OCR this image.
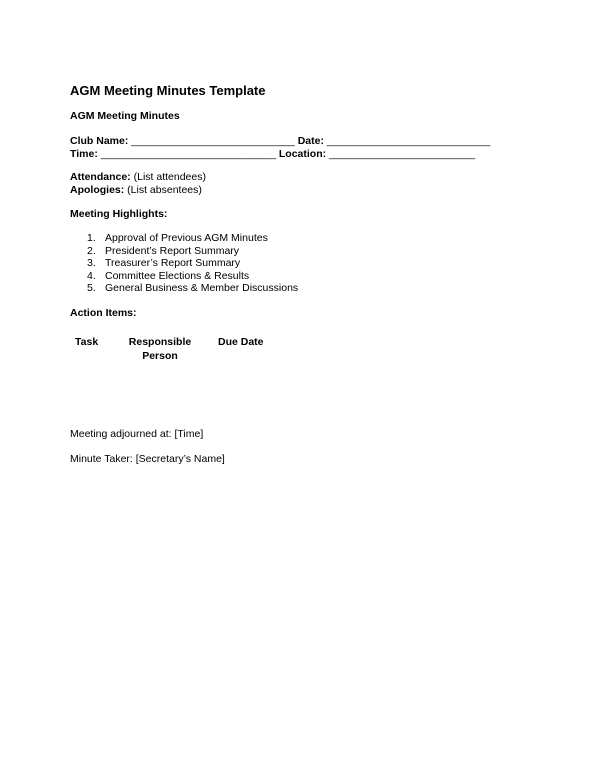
AGM Meeting Minutes Template
AGM Meeting Minutes
Club Name: ____________________________ Date: ____________________________
Time: ______________________________ Location: _________________________
Attendance: (List attendees)
Apologies: (List absentees)
Meeting Highlights:
1. Approval of Previous AGM Minutes
2. President’s Report Summary
3. Treasurer’s Report Summary
4. Committee Elections & Results
5. General Business & Member Discussions
Action Items:
Task	Responsible
Person
Due Date
Meeting adjourned at: [Time]
Minute Taker: [Secretary’s Name]
